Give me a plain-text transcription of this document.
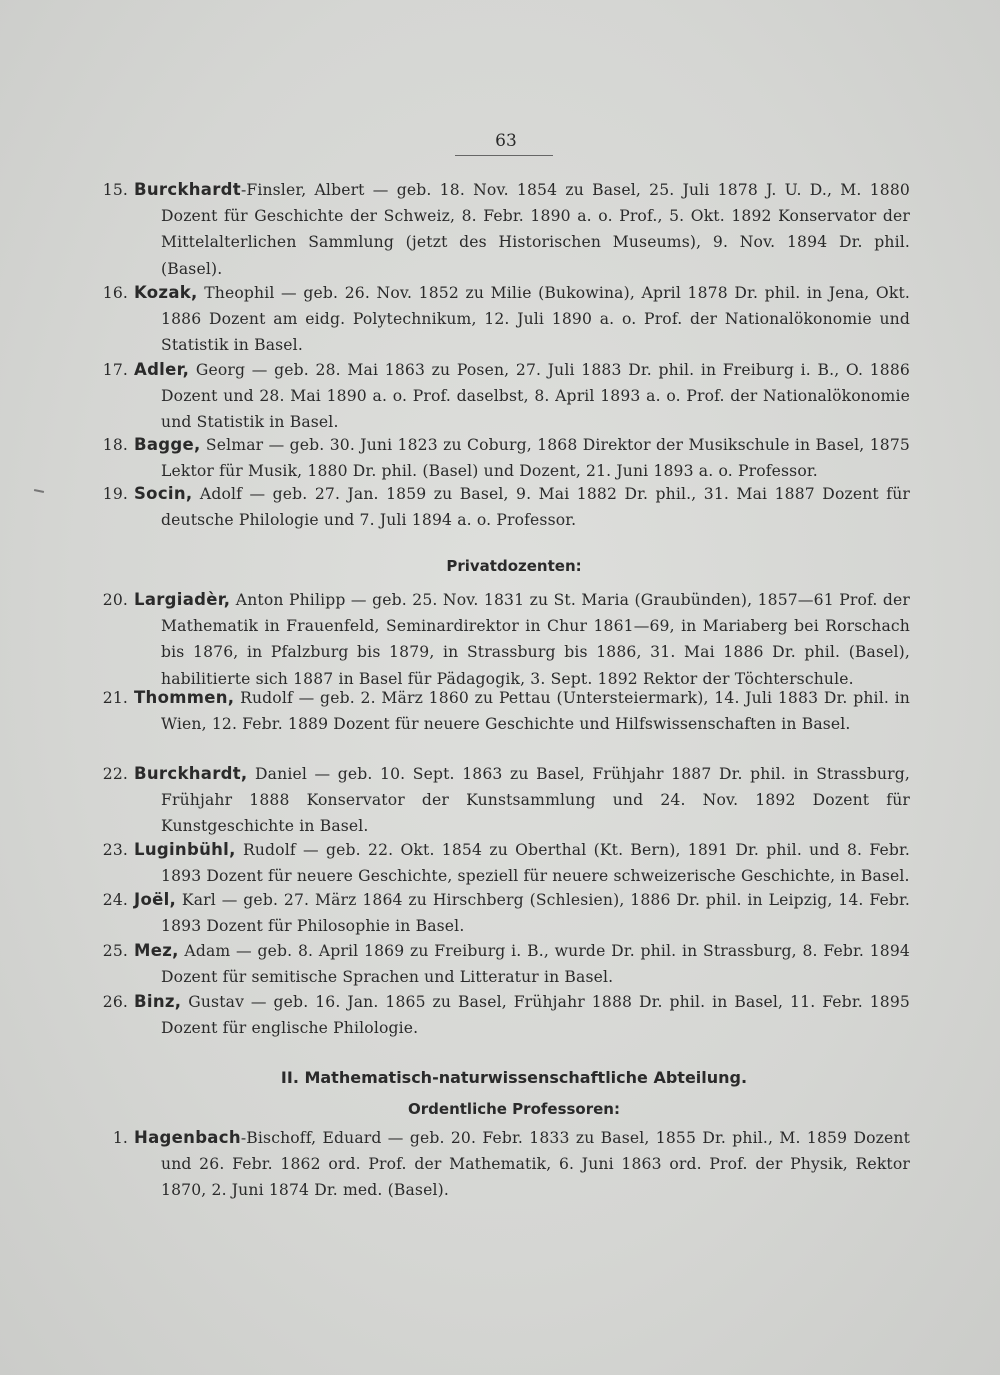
63
15. Burckhardt-Finsler, Albert — geb. 18. Nov. 1854 zu Basel, 25. Juli 1878 J. U. D., M. 1880 Dozent für Geschichte der Schweiz, 8. Febr. 1890 a. o. Prof., 5. Okt. 1892 Konservator der Mittelalterlichen Sammlung (jetzt des Historischen Museums), 9. Nov. 1894 Dr. phil. (Basel).
16. Kozak, Theophil — geb. 26. Nov. 1852 zu Milie (Bukowina), April 1878 Dr. phil. in Jena, Okt. 1886 Dozent am eidg. Polytechnikum, 12. Juli 1890 a. o. Prof. der Nationalökonomie und Statistik in Basel.
17. Adler, Georg — geb. 28. Mai 1863 zu Posen, 27. Juli 1883 Dr. phil. in Freiburg i. B., O. 1886 Dozent und 28. Mai 1890 a. o. Prof. daselbst, 8. April 1893 a. o. Prof. der Nationalökonomie und Statistik in Basel.
18. Bagge, Selmar — geb. 30. Juni 1823 zu Coburg, 1868 Direktor der Musikschule in Basel, 1875 Lektor für Musik, 1880 Dr. phil. (Basel) und Dozent, 21. Juni 1893 a. o. Professor.
19. Socin, Adolf — geb. 27. Jan. 1859 zu Basel, 9. Mai 1882 Dr. phil., 31. Mai 1887 Dozent für deutsche Philologie und 7. Juli 1894 a. o. Professor.
Privatdozenten:
20. Largiadèr, Anton Philipp — geb. 25. Nov. 1831 zu St. Maria (Graubünden), 1857—61 Prof. der Mathematik in Frauenfeld, Seminardirektor in Chur 1861—69, in Mariaberg bei Rorschach bis 1876, in Pfalzburg bis 1879, in Strassburg bis 1886, 31. Mai 1886 Dr. phil. (Basel), habilitierte sich 1887 in Basel für Pädagogik, 3. Sept. 1892 Rektor der Töchterschule.
21. Thommen, Rudolf — geb. 2. März 1860 zu Pettau (Untersteiermark), 14. Juli 1883 Dr. phil. in Wien, 12. Febr. 1889 Dozent für neuere Geschichte und Hilfswissenschaften in Basel.
22. Burckhardt, Daniel — geb. 10. Sept. 1863 zu Basel, Frühjahr 1887 Dr. phil. in Strassburg, Frühjahr 1888 Konservator der Kunstsammlung und 24. Nov. 1892 Dozent für Kunstgeschichte in Basel.
23. Luginbühl, Rudolf — geb. 22. Okt. 1854 zu Oberthal (Kt. Bern), 1891 Dr. phil. und 8. Febr. 1893 Dozent für neuere Geschichte, speziell für neuere schweizerische Geschichte, in Basel.
24. Joël, Karl — geb. 27. März 1864 zu Hirschberg (Schlesien), 1886 Dr. phil. in Leipzig, 14. Febr. 1893 Dozent für Philosophie in Basel.
25. Mez, Adam — geb. 8. April 1869 zu Freiburg i. B., wurde Dr. phil. in Strassburg, 8. Febr. 1894 Dozent für semitische Sprachen und Litteratur in Basel.
26. Binz, Gustav — geb. 16. Jan. 1865 zu Basel, Frühjahr 1888 Dr. phil. in Basel, 11. Febr. 1895 Dozent für englische Philologie.
II. Mathematisch-naturwissenschaftliche Abteilung.
Ordentliche Professoren:
1. Hagenbach-Bischoff, Eduard — geb. 20. Febr. 1833 zu Basel, 1855 Dr. phil., M. 1859 Dozent und 26. Febr. 1862 ord. Prof. der Mathematik, 6. Juni 1863 ord. Prof. der Physik, Rektor 1870, 2. Juni 1874 Dr. med. (Basel).
